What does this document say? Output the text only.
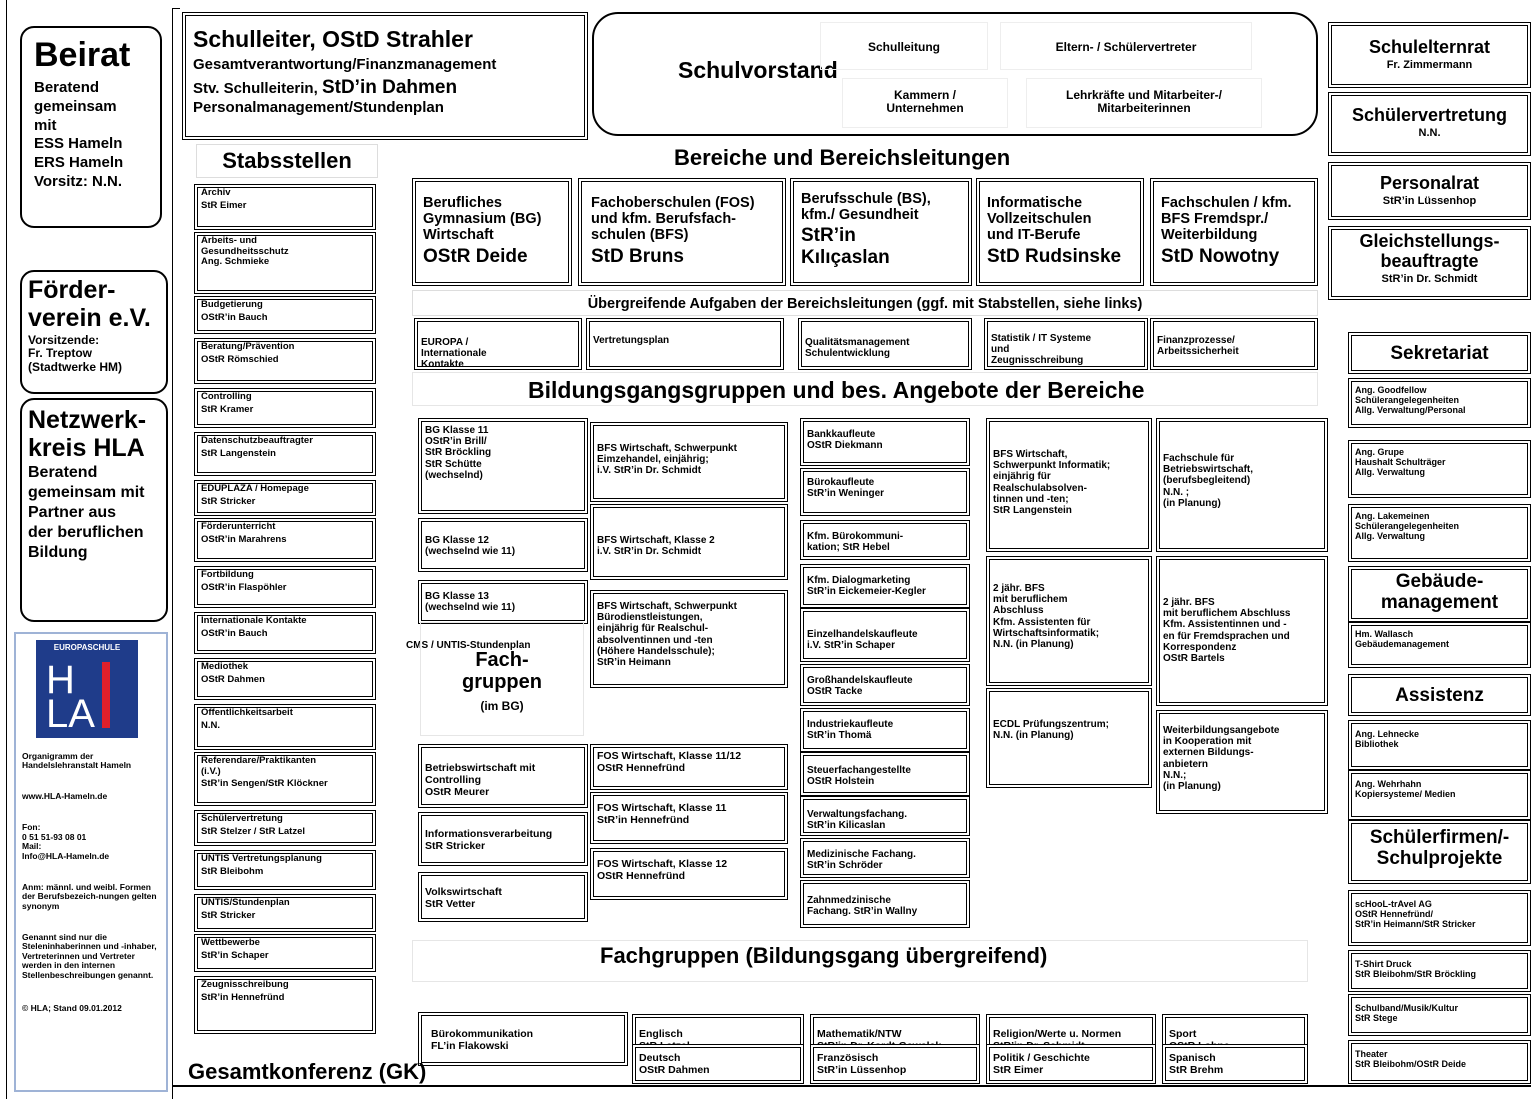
Beirat
Beratend
gemeinsam
mit
ESS Hameln
ERS Hameln
Vorsitz: N.N.
Förder-
verein e.V.
Vorsitzende:
Fr. Treptow
(Stadtwerke HM)
Netzwerk-
kreis HLA
Beratend
gemeinsam mit
Partner aus
der beruflichen
Bildung

Organigramm der Handelslehranstalt Hameln

www.HLA-Hameln.de

Fon:
0 51 51-93 08 01
Mail:
Info@HLA-Hameln.de

Anm: männl. und weibl. Formen der Berufsbezeich-nungen gelten synonym

Genannt sind nur die Steleninhaberinnen und -inhaber, Vertreterinnen und Vertreter werden in den internen Stellenbeschreibungen genannt.

© HLA; Stand 09.01.2012

EUROPASCHULE
H
LA
Schulleiter, OStD Strahler
Gesamtverantwortung/Finanzmanagement
Stv. Schulleiterin, StD’in Dahmen
Personalmanagement/Stundenplan
Schulvorstand
Schulleitung	Eltern- / Schülervertreter
Kammern /
Unternehmen
Lehrkräfte und Mitarbeiter-/
Mitarbeiterinnen
Stabsstellen
Archiv
StR Eimer
Arbeits- und
Gesundheitsschutz
Ang. Schmieke
Budgetierung
OStR’in Bauch
Beratung/Prävention
OStR Römschied
Controlling
StR Kramer
Datenschutzbeauftragter
StR Langenstein
EDUPLAZA / Homepage
StR Stricker
Förderunterricht
OStR’in Marahrens
Fortbildung
OStR’in Flaspöhler
Internationale Kontakte
OStR’in Bauch
Mediothek
OStR Dahmen
Öffentlichkeitsarbeit
N.N.
Referendare/Praktikanten
(i.V.)
StR’in Sengen/StR Klöckner
Schülervertretung
StR Stelzer / StR Latzel
UNTIS Vertretungsplanung
StR Bleibohm
UNTIS/Stundenplan
StR Stricker
Wettbewerbe
StR’in Schaper
Zeugnisschreibung
StR’in Hennefründ
Bereiche und Bereichsleitungen
Berufliches
Gymnasium (BG)
Wirtschaft
OStR Deide
Fachoberschulen (FOS)
und kfm. Berufsfach-
schulen (BFS)
StD Bruns
Berufsschule (BS),
kfm./ Gesundheit
StR’in
Kılıçaslan
Informatische
Vollzeitschulen
und IT-Berufe
StD Rudsinske
Fachschulen / kfm.
BFS Fremdspr./
Weiterbildung
StD Nowotny
Übergreifende Aufgaben der Bereichsleitungen (ggf. mit Stabstellen, siehe links)
EUROPA /
Internationale
Kontakte
Vertretungsplan	Qualitätsmanagement
Schulentwicklung
Statistik / IT Systeme
und
Zeugnisschreibung
Finanzprozesse/
Arbeitssicherheit
Bildungsgangsgruppen und bes. Angebote der Bereiche
BG Klasse 11
OStR’in Brill/
StR Bröckling
StR Schütte
(wechselnd)
BG Klasse 12
(wechselnd wie 11)
BG Klasse 13
(wechselnd wie 11)
Betriebswirtschaft mit
Controlling
OStR Meurer
Informationsverarbeitung
StR Stricker
Volkswirtschaft
StR Vetter
BFS Wirtschaft, Schwerpunkt
Eimzehandel, einjährig;
i.V. StR’in Dr. Schmidt
BFS Wirtschaft, Klasse 2
i.V. StR’in Dr. Schmidt
BFS Wirtschaft, Schwerpunkt
Bürodienstleistungen,
einjährig für Realschul-
absolventinnen und -ten
(Höhere Handelsschule);
StR’in Heimann
FOS Wirtschaft, Klasse 11/12
OStR Hennefründ
FOS Wirtschaft, Klasse 11
StR’in Hennefründ
FOS Wirtschaft, Klasse 12
OStR Hennefründ
Bankkaufleute
OStR Diekmann
Bürokaufleute
StR’in Weninger
Kfm. Bürokommuni-
kation; StR Hebel
Kfm. Dialogmarketing
StR’in Eickemeier-Kegler
Einzelhandelskaufleute
i.V. StR’in Schaper
Großhandelskaufleute
OStR Tacke
Industriekaufleute
StR’in Thomä
Steuerfachangestellte
OStR Holstein
Verwaltungsfachang.
StR’in Kilicaslan
Medizinische Fachang.
StR’in Schröder
Zahnmedzinische
Fachang. StR’in Wallny
BFS Wirtschaft,
Schwerpunkt Informatik;
einjährig für
Realschulabsolven-
tinnen und -ten;
StR Langenstein
2 jähr. BFS
mit beruflichem
Abschluss
Kfm. Assistenten für
Wirtschaftsinformatik;
N.N. (in Planung)
ECDL Prüfungszentrum;
N.N. (in Planung)
Fachschule für
Betriebswirtschaft,
(berufsbegleitend)
N.N. ;
(in Planung)
2 jähr. BFS
mit beruflichem Abschluss
Kfm. Assistentinnen und -
en für Fremdsprachen und
Korrespondenz
OStR Bartels
Weiterbildungsangebote
in Kooperation mit
externen Bildungs-
anbietern
N.N.;
(in Planung)
CMS / UNTIS-Stundenplan
Fach-
gruppen
(im BG)
Fachgruppen (Bildungsgang übergreifend)
Bürokommunikation
FL’in Flakowski
Englisch

Deutsch
OStR Dahmen
Mathematik/NTW

Französisch
StR’in Lüssenhop
Religion/Werte u. Normen

Politik / Geschichte
StR Eimer
Sport

Spanisch
StR Brehm
Gesamtkonferenz (GK)
Schulelternrat
Fr. Zimmermann
Schülervertretung
N.N.
Personalrat
StR’in Lüssenhop
Gleichstellungs-
beauftragte
StR’in Dr. Schmidt
Sekretariat
Gebäude-
management
Assistenz
Schülerfirmen/-
Schulprojekte
Ang. Goodfellow
Schülerangelegenheiten
Allg. Verwaltung/Personal
Ang. Grupe
Haushalt Schulträger
Allg. Verwaltung
Ang. Lakemeinen
Schülerangelegenheiten
Allg. Verwaltung
Hm. Wallasch
Gebäudemanagement
Ang. Lehnecke
Bibliothek
Ang. Wehrhahn
Kopiersysteme/ Medien
scHooL-trAvel AG
OStR Hennefründ/
StR’in Heimann/StR Stricker
T-Shirt Druck
StR Bleibohm/StR Bröckling
Schulband/Musik/Kultur
StR Stege
Theater
StR Bleibohm/OStR Deide
